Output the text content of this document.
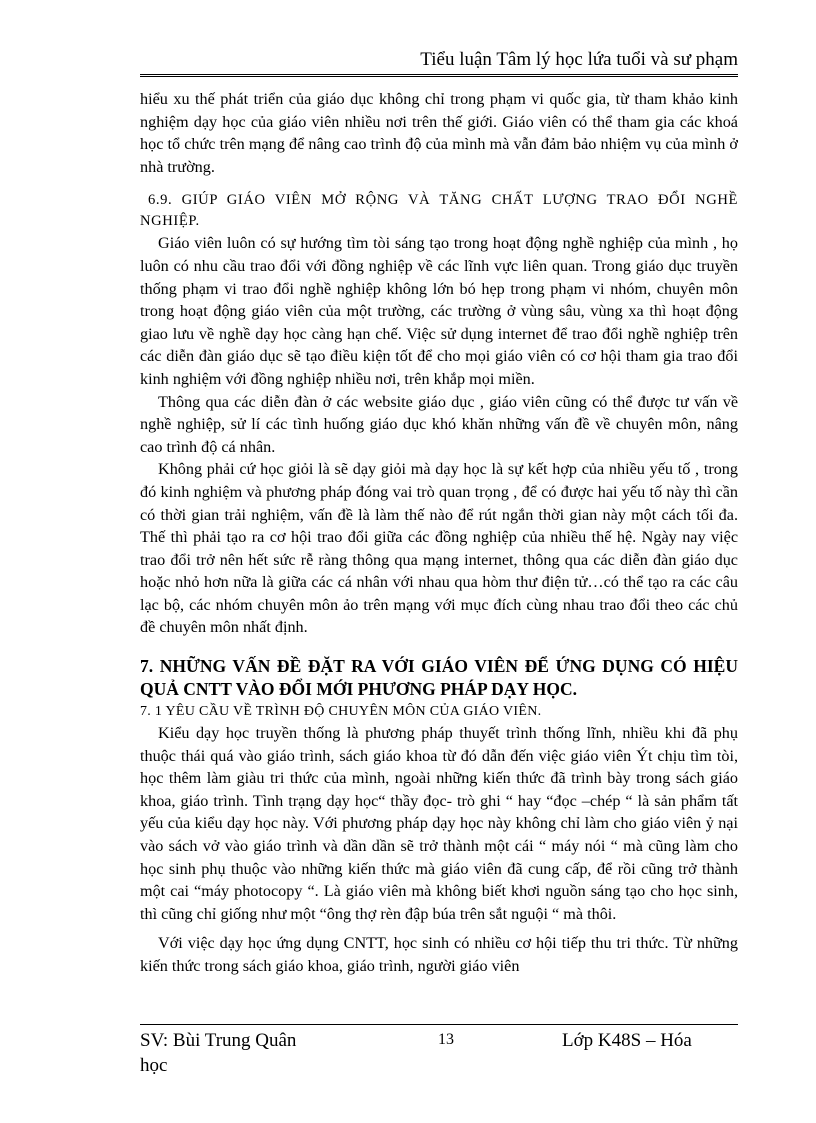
Tiểu luận Tâm lý học lứa tuổi và sư phạm

hiểu xu thế phát triển của giáo dục không chỉ trong phạm vi quốc gia, từ tham khảo kinh nghiệm dạy học của giáo viên nhiều nơi trên thế giới. Giáo viên có thể tham gia các khoá học tổ chức trên mạng để nâng cao trình độ của mình mà vẫn đảm bảo nhiệm vụ của mình ở nhà trường.

6.9. GIÚP GIÁO VIÊN MỞ RỘNG VÀ TĂNG CHẤT LƯỢNG TRAO ĐỔI NGHỀ NGHIỆP.

Giáo viên luôn có sự hướng tìm tòi sáng tạo trong hoạt động nghề nghiệp của mình , họ luôn có nhu cầu trao đổi với đồng nghiệp về các lĩnh vực liên quan. Trong giáo dục truyền thống phạm vi trao đổi nghề nghiệp không lớn bó hẹp trong phạm vi nhóm, chuyên môn trong hoạt động giáo viên của một trường, các trường ở vùng sâu, vùng xa thì hoạt động giao lưu về nghề dạy học càng hạn chế. Việc sử dụng internet để trao đổi nghề nghiệp trên các diễn đàn giáo dục sẽ tạo điều kiện tốt để cho mọi giáo viên có cơ hội tham gia trao đổi kinh nghiệm với đồng nghiệp nhiều nơi, trên khắp mọi miền.

Thông qua các diễn đàn ở các website giáo dục , giáo viên cũng có thể được tư vấn về nghề nghiệp, sử lí các tình huống giáo dục khó khăn những vấn đề về chuyên môn, nâng cao trình độ cá nhân.

Không phải cứ học giỏi là sẽ dạy giỏi mà dạy học là sự kết hợp của nhiều yếu tố , trong đó kinh nghiệm và phương pháp đóng vai trò quan trọng , để có được hai yếu tố này thì cần có thời gian trải nghiệm, vấn đề là làm thế nào để rút ngắn thời gian này một cách tối đa. Thế thì phải tạo ra cơ hội trao đổi giữa các đồng nghiệp của nhiều thế hệ. Ngày nay việc trao đổi trở nên hết sức rễ ràng thông qua mạng internet, thông qua các diễn đàn giáo dục hoặc nhỏ hơn nữa là giữa các cá nhân với nhau qua hòm thư điện tử…có thể tạo ra các câu lạc bộ, các nhóm chuyên môn ảo trên mạng với mục đích cùng nhau trao đổi theo các chủ đề chuyên môn nhất định.

7. NHỮNG VẤN ĐỀ ĐẶT RA VỚI GIÁO VIÊN ĐỂ ỨNG DỤNG CÓ HIỆU QUẢ CNTT VÀO ĐỔI MỚI PHƯƠNG PHÁP DẠY HỌC.

7. 1 YÊU CẦU VỀ TRÌNH ĐỘ CHUYÊN MÔN CỦA GIÁO VIÊN.

Kiểu dạy học truyền thống là phương pháp thuyết trình thống lĩnh, nhiều khi đã phụ thuộc thái quá vào giáo trình, sách giáo khoa từ đó dẫn đến việc giáo viên Ýt chịu tìm tòi, học thêm làm giàu tri thức của mình, ngoài những kiến thức đã trình bày trong sách giáo khoa, giáo trình. Tình trạng dạy học“ thầy đọc- trò ghi “ hay “đọc –chép “ là sản phẩm tất yếu của kiểu dạy học này. Với phương pháp dạy học này không chỉ làm cho giáo viên ỷ nại vào sách vở vào giáo trình và dần dần sẽ trở thành một cái “ máy nói “ mà cũng làm cho học sinh phụ thuộc vào những kiến thức mà giáo viên đã cung cấp, để rồi cũng trở thành một cai “máy photocopy “. Là giáo viên mà không biết khơi nguồn sáng tạo cho học sinh, thì cũng chỉ giống như một “ông thợ rèn đập búa trên sắt nguội “ mà thôi.

Với việc dạy học ứng dụng CNTT, học sinh có nhiều cơ hội tiếp thu tri thức. Từ những kiến thức trong sách giáo khoa, giáo trình, người giáo viên

SV: Bùi Trung Quân	13	Lớp K48S – Hóa
học
